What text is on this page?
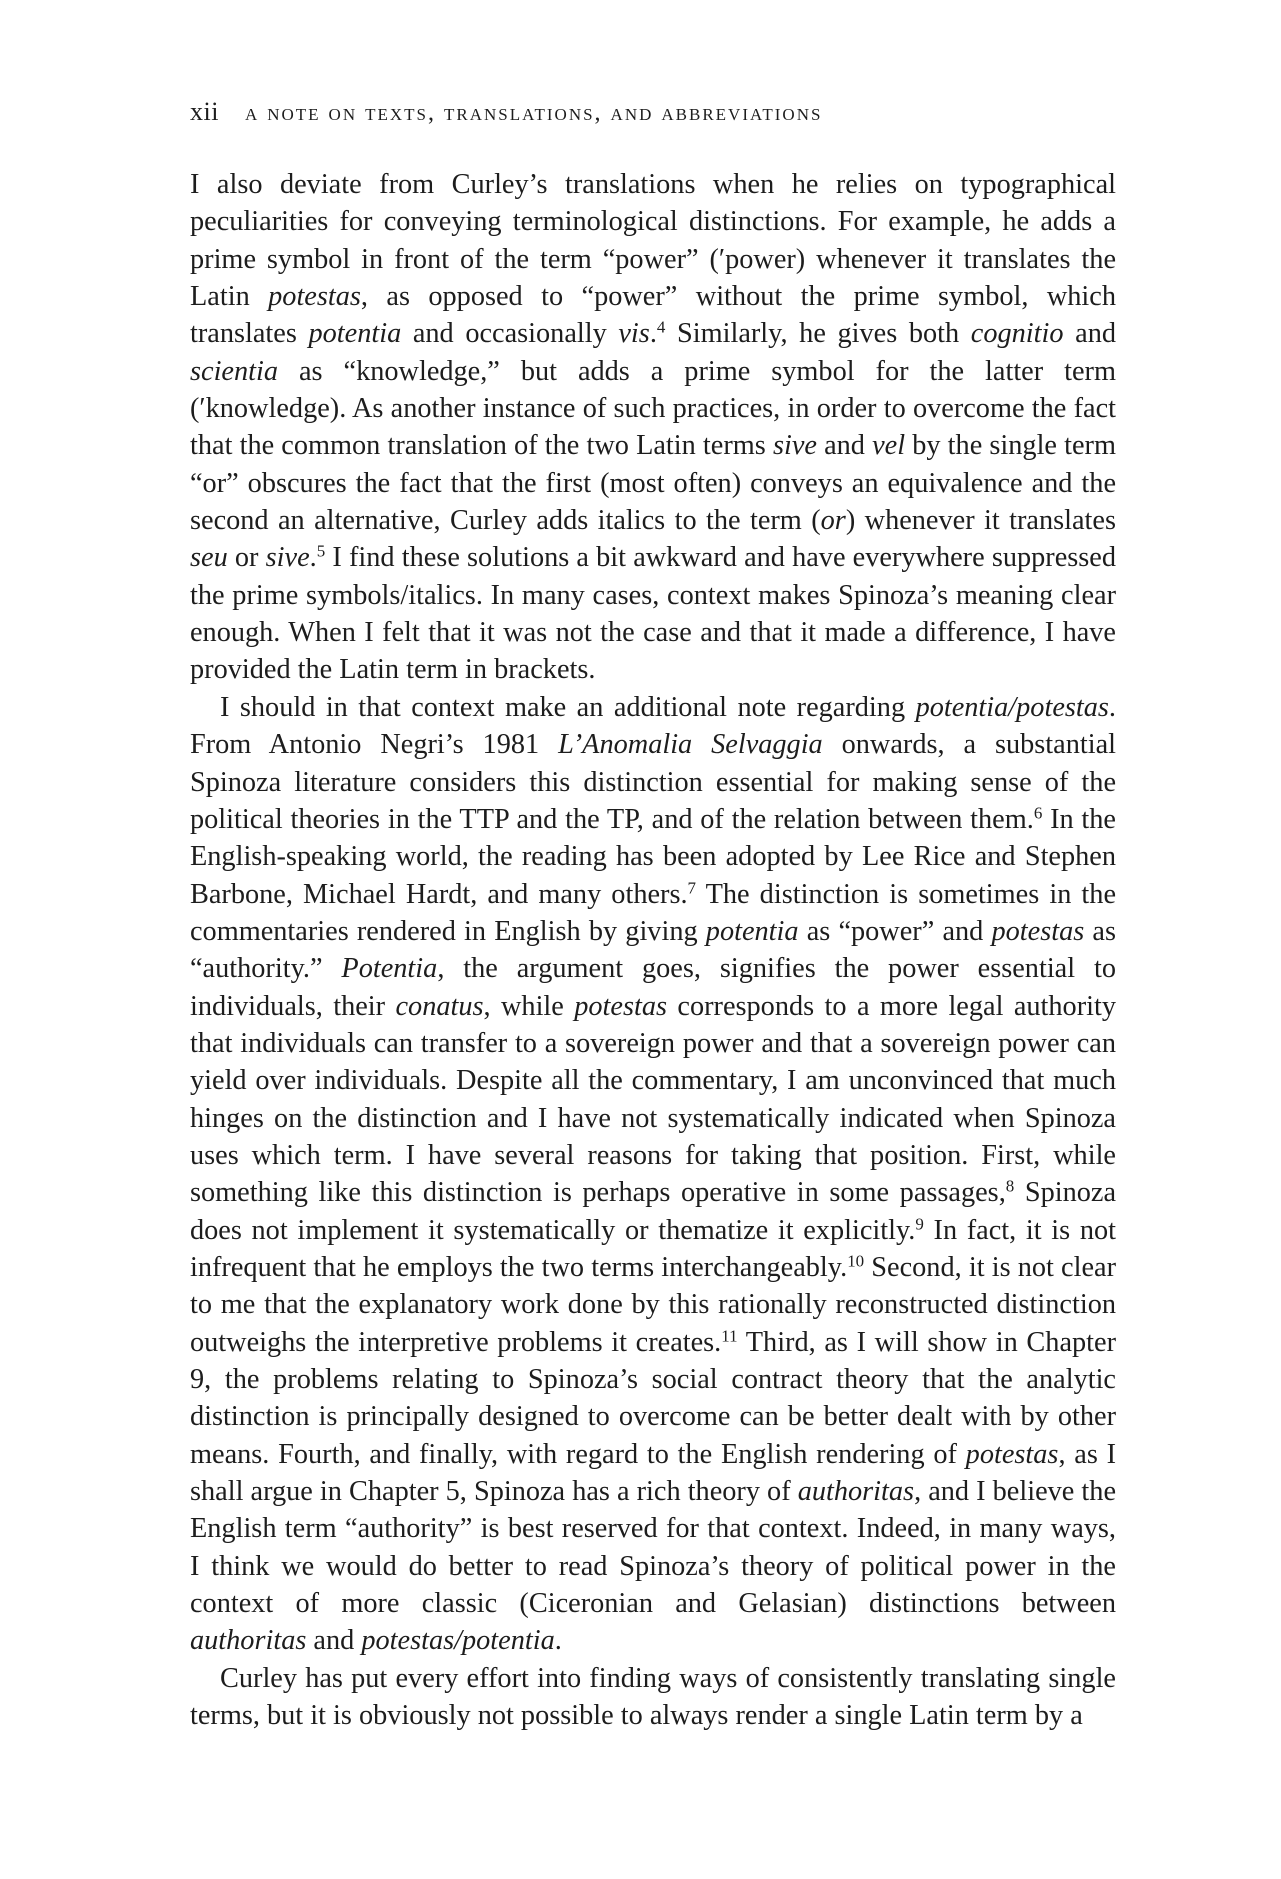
xii a note on texts, translations, and abbreviations

I also deviate from Curley’s translations when he relies on typographical peculiarities for conveying terminological distinctions. For example, he adds a prime symbol in front of the term “power” (′power) whenever it translates the Latin potestas, as opposed to “power” without the prime symbol, which translates potentia and occasionally vis.$^4$ Similarly, he gives both cognitio and scientia as “knowledge,” but adds a prime symbol for the latter term (′knowledge). As another instance of such practices, in order to overcome the fact that the common translation of the two Latin terms sive and vel by the single term “or” obscures the fact that the first (most often) conveys an equivalence and the second an alternative, Curley adds italics to the term (or) whenever it translates seu or sive.$^5$ I find these solutions a bit awkward and have everywhere suppressed the prime symbols/italics. In many cases, context makes Spinoza’s meaning clear enough. When I felt that it was not the case and that it made a difference, I have provided the Latin term in brackets.

I should in that context make an additional note regarding potentia/potestas. From Antonio Negri’s 1981 L’Anomalia Selvaggia onwards, a substantial Spinoza literature considers this distinction essential for making sense of the political theories in the TTP and the TP, and of the relation between them.$^6$ In the English-speaking world, the reading has been adopted by Lee Rice and Stephen Barbone, Michael Hardt, and many others.$^7$ The distinction is sometimes in the commentaries rendered in English by giving potentia as “power” and potestas as “authority.” Potentia, the argument goes, signifies the power essential to individuals, their conatus, while potestas corresponds to a more legal authority that individuals can transfer to a sovereign power and that a sovereign power can yield over individuals. Despite all the commentary, I am unconvinced that much hinges on the distinction and I have not systematically indicated when Spinoza uses which term. I have several reasons for taking that position. First, while something like this distinction is perhaps operative in some passages,$^8$ Spinoza does not implement it systematically or thematize it explicitly.$^9$ In fact, it is not infrequent that he employs the two terms interchangeably.$^{10}$ Second, it is not clear to me that the explanatory work done by this rationally reconstructed distinction outweighs the interpretive problems it creates.$^{11}$ Third, as I will show in Chapter 9, the problems relating to Spinoza’s social contract theory that the analytic distinction is principally designed to overcome can be better dealt with by other means. Fourth, and finally, with regard to the English rendering of potestas, as I shall argue in Chapter 5, Spinoza has a rich theory of authoritas, and I believe the English term “authority” is best reserved for that context. Indeed, in many ways, I think we would do better to read Spinoza’s theory of political power in the context of more classic (Ciceronian and Gelasian) distinctions between authoritas and potestas/​potentia.

Curley has put every effort into finding ways of consistently translating single terms, but it is obviously not possible to always render a single Latin term by a
